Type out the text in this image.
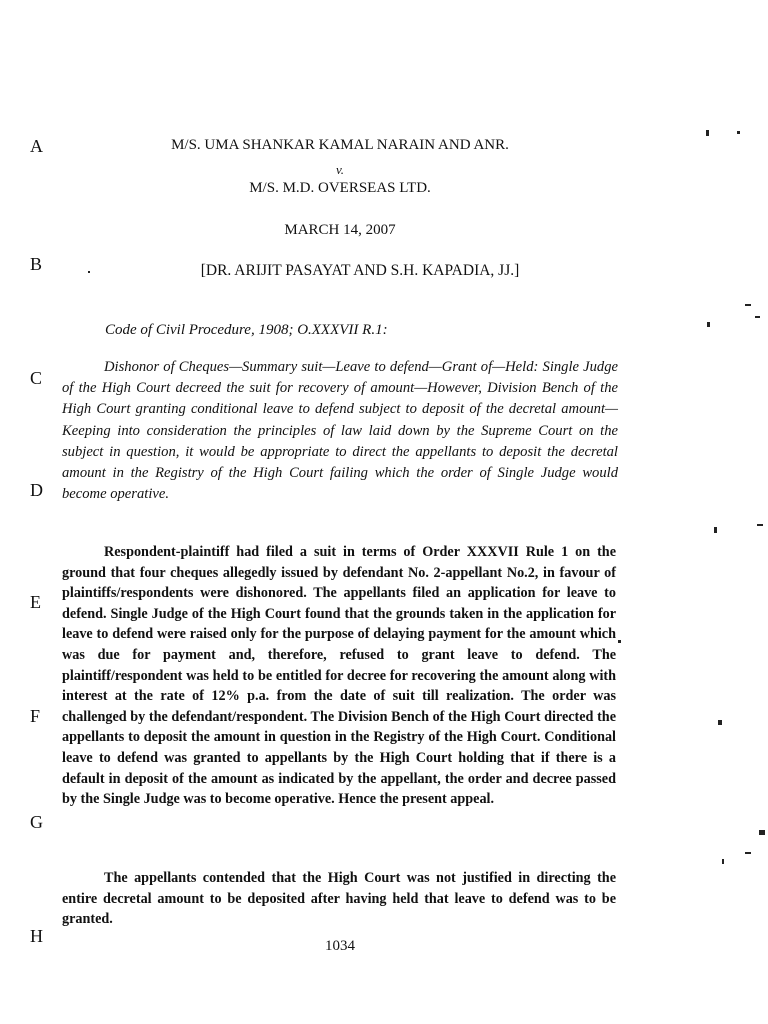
M/S. UMA SHANKAR KAMAL NARAIN AND ANR.
v.
M/S. M.D. OVERSEAS LTD.
MARCH 14, 2007
[DR. ARIJIT PASAYAT AND S.H. KAPADIA, JJ.]
A
B
C
D
E
F
G
H
Code of Civil Procedure, 1908; O.XXXVII R.1:

Dishonor of Cheques—Summary suit—Leave to defend—Grant of—Held: Single Judge of the High Court decreed the suit for recovery of amount—However, Division Bench of the High Court granting conditional leave to defend subject to deposit of the decretal amount—Keeping into consideration the principles of law laid down by the Supreme Court on the subject in question, it would be appropriate to direct the appellants to deposit the decretal amount in the Registry of the High Court failing which the order of Single Judge would become operative.

Respondent-plaintiff had filed a suit in terms of Order XXXVII Rule 1 on the ground that four cheques allegedly issued by defendant No. 2-appellant No.2, in favour of plaintiffs/respondents were dishonored. The appellants filed an application for leave to defend. Single Judge of the High Court found that the grounds taken in the application for leave to defend were raised only for the purpose of delaying payment for the amount which was due for payment and, therefore, refused to grant leave to defend. The plaintiff/respondent was held to be entitled for decree for recovering the amount along with interest at the rate of 12% p.a. from the date of suit till realization. The order was challenged by the defendant/respondent. The Division Bench of the High Court directed the appellants to deposit the amount in question in the Registry of the High Court. Conditional leave to defend was granted to appellants by the High Court holding that if there is a default in deposit of the amount as indicated by the appellant, the order and decree passed by the Single Judge was to become operative. Hence the present appeal.

The appellants contended that the High Court was not justified in directing the entire decretal amount to be deposited after having held that leave to defend was to be granted.

1034
